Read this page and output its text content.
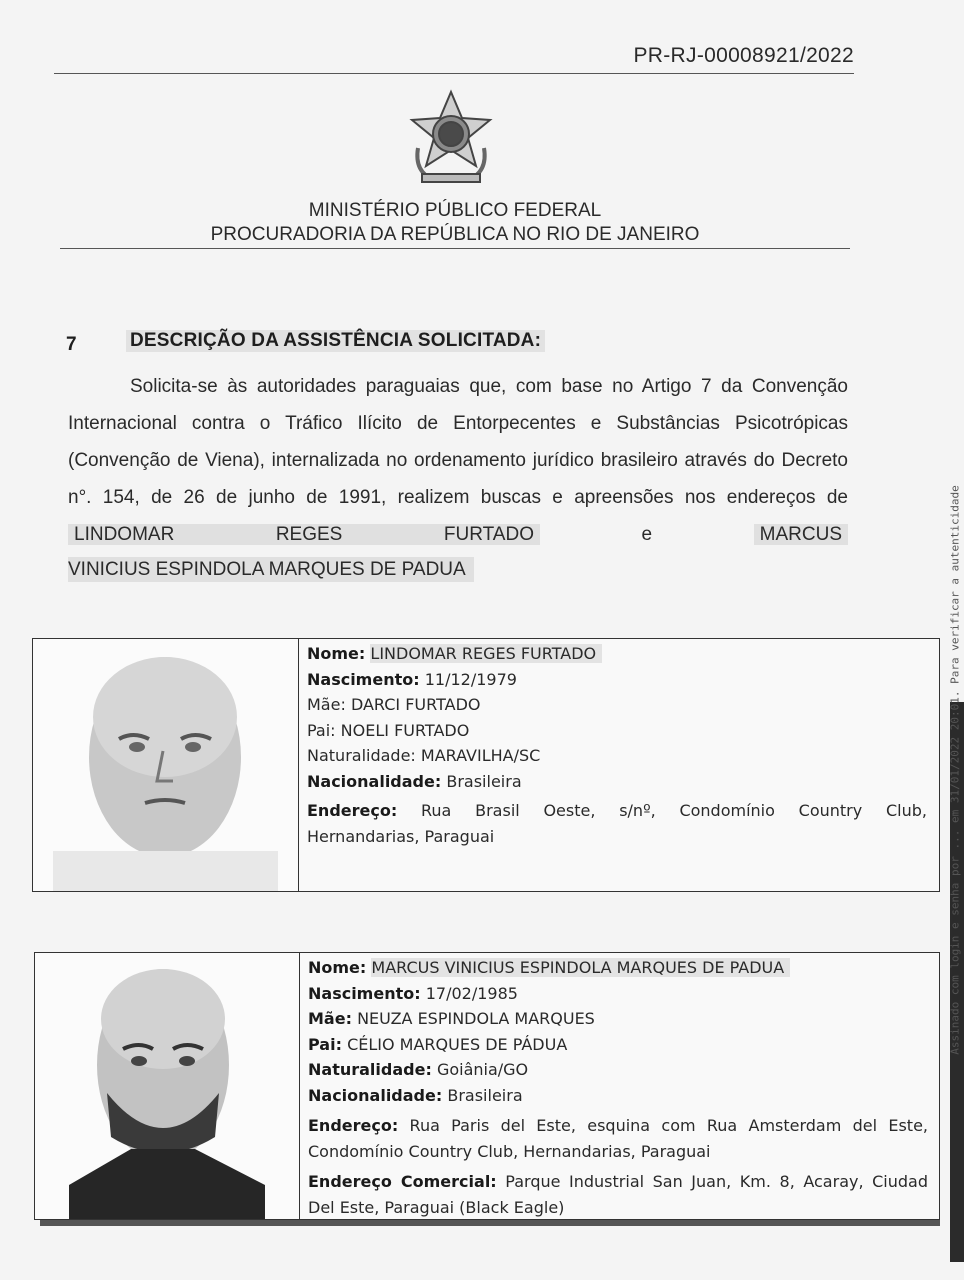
PR-RJ-00008921/2022
MINISTÉRIO PÚBLICO FEDERAL
PROCURADORIA DA REPÚBLICA NO RIO DE JANEIRO
7	DESCRIÇÃO DA ASSISTÊNCIA SOLICITADA:
Solicita-se às autoridades paraguaias que, com base no Artigo 7 da Convenção Internacional contra o Tráfico Ilícito de Entorpecentes e Substâncias Psicotrópicas (Convenção de Viena), internalizada no ordenamento jurídico brasileiro através do Decreto n°. 154, de 26 de junho de 1991, realizem buscas e apreensões nos endereços de LINDOMAR REGES FURTADO	e	MARCUS
VINICIUS ESPINDOLA MARQUES DE PADUA
Nome: LINDOMAR REGES FURTADO
Nascimento: 11/12/1979
Mãe: DARCI FURTADO
Pai: NOELI FURTADO
Naturalidade: MARAVILHA/SC
Nacionalidade: Brasileira
Endereço: Rua Brasil Oeste, s/nº, Condomínio Country Club,
Hernandarias, Paraguai
Nome: MARCUS VINICIUS ESPINDOLA MARQUES DE PADUA
Nascimento: 17/02/1985
Mãe: NEUZA ESPINDOLA MARQUES
Pai: CÉLIO MARQUES DE PÁDUA
Naturalidade: Goiânia/GO
Nacionalidade: Brasileira
Endereço: Rua Paris del Este, esquina com Rua Amsterdam del Este,
Condomínio Country Club, Hernandarias, Paraguai
Endereço Comercial: Parque Industrial San Juan, Km. 8, Acaray, Ciudad
Del Este, Paraguai (Black Eagle)
Assinado com login e senha por ... em 31/01/2022 20:01. Para verificar a autenticidade
